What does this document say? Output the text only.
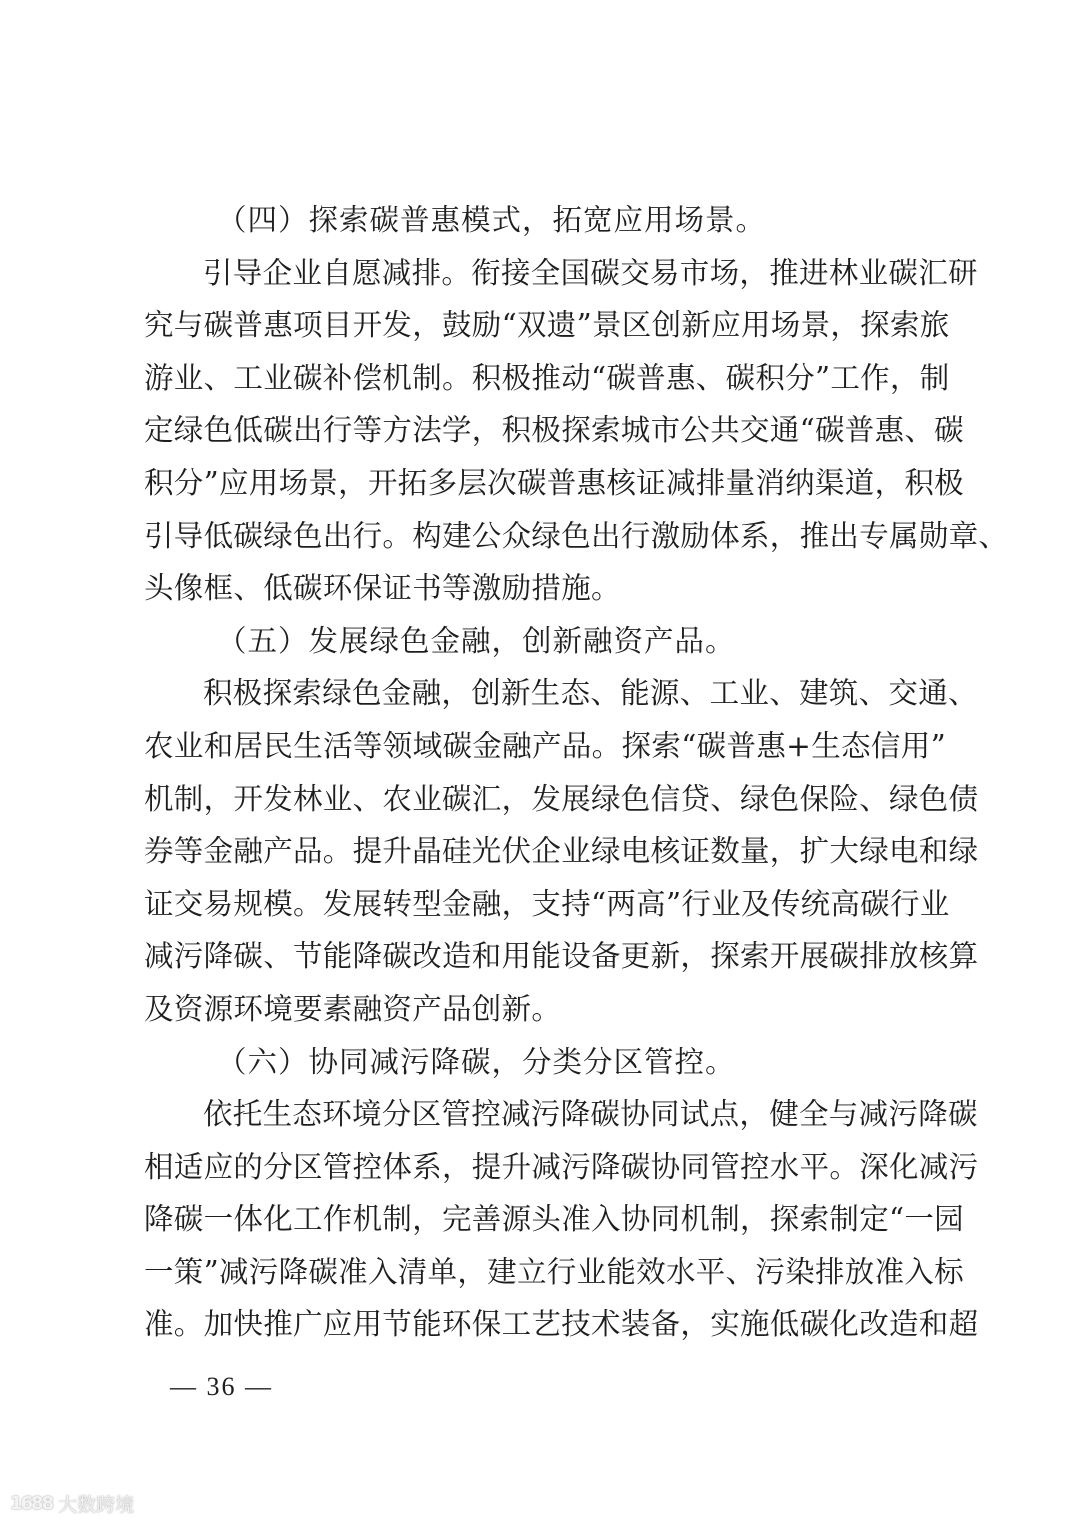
（四）探索碳普惠模式，拓宽应用场景。

引导企业自愿减排。衔接全国碳交易市场，推进林业碳汇研
究与碳普惠项目开发，鼓励“双遗”景区创新应用场景，探索旅
游业、工业碳补偿机制。积极推动“碳普惠、碳积分”工作，制
定绿色低碳出行等方法学，积极探索城市公共交通“碳普惠、碳
积分”应用场景，开拓多层次碳普惠核证减排量消纳渠道，积极
引导低碳绿色出行。构建公众绿色出行激励体系，推出专属勋章、
头像框、低碳环保证书等激励措施。

（五）发展绿色金融，创新融资产品。

积极探索绿色金融，创新生态、能源、工业、建筑、交通、
农业和居民生活等领域碳金融产品。探索“碳普惠+生态信用”
机制，开发林业、农业碳汇，发展绿色信贷、绿色保险、绿色债
券等金融产品。提升晶硅光伏企业绿电核证数量，扩大绿电和绿
证交易规模。发展转型金融，支持“两高”行业及传统高碳行业
减污降碳、节能降碳改造和用能设备更新，探索开展碳排放核算
及资源环境要素融资产品创新。

（六）协同减污降碳，分类分区管控。

依托生态环境分区管控减污降碳协同试点，健全与减污降碳
相适应的分区管控体系，提升减污降碳协同管控水平。深化减污
降碳一体化工作机制，完善源头准入协同机制，探索制定“一园
一策”减污降碳准入清单，建立行业能效水平、污染排放准入标
准。加快推广应用节能环保工艺技术装备，实施低碳化改造和超

— 36 —
1688 大数跨境
